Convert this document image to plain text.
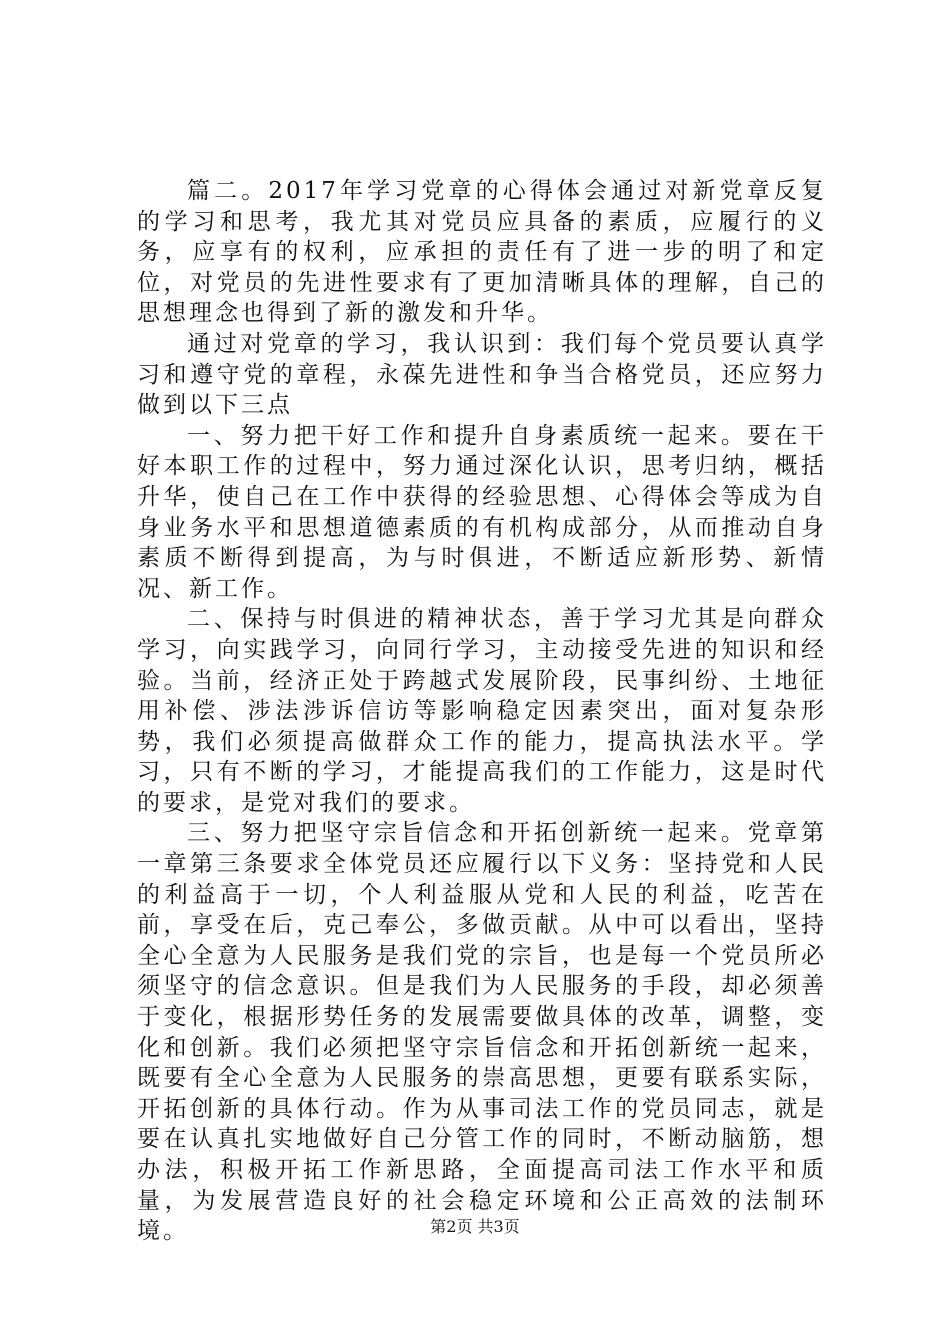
篇二。2017年学习党章的心得体会通过对新党章反复的学习和思考，我尤其对党员应具备的素质，应履行的义务，应享有的权利，应承担的责任有了进一步的明了和定位，对党员的先进性要求有了更加清晰具体的理解，自己的思想理念也得到了新的激发和升华。

通过对党章的学习，我认识到：我们每个党员要认真学习和遵守党的章程，永葆先进性和争当合格党员，还应努力做到以下三点

一、努力把干好工作和提升自身素质统一起来。要在干好本职工作的过程中，努力通过深化认识，思考归纳，概括升华，使自己在工作中获得的经验思想、心得体会等成为自身业务水平和思想道德素质的有机构成部分，从而推动自身素质不断得到提高，为与时俱进，不断适应新形势、新情况、新工作。

二、保持与时俱进的精神状态，善于学习尤其是向群众学习，向实践学习，向同行学习，主动接受先进的知识和经验。当前，经济正处于跨越式发展阶段，民事纠纷、土地征用补偿、涉法涉诉信访等影响稳定因素突出，面对复杂形势，我们必须提高做群众工作的能力，提高执法水平。学习，只有不断的学习，才能提高我们的工作能力，这是时代的要求，是党对我们的要求。

三、努力把坚守宗旨信念和开拓创新统一起来。党章第一章第三条要求全体党员还应履行以下义务：坚持党和人民的利益高于一切，个人利益服从党和人民的利益，吃苦在前，享受在后，克己奉公，多做贡献。从中可以看出，坚持全心全意为人民服务是我们党的宗旨，也是每一个党员所必须坚守的信念意识。但是我们为人民服务的手段，却必须善于变化，根据形势任务的发展需要做具体的改革，调整，变化和创新。我们必须把坚守宗旨信念和开拓创新统一起来，既要有全心全意为人民服务的崇高思想，更要有联系实际，开拓创新的具体行动。作为从事司法工作的党员同志，就是要在认真扎实地做好自己分管工作的同时，不断动脑筋，想办法，积极开拓工作新思路，全面提高司法工作水平和质量，为发展营造良好的社会稳定环境和公正高效的法制环境。	第2页 共3页
